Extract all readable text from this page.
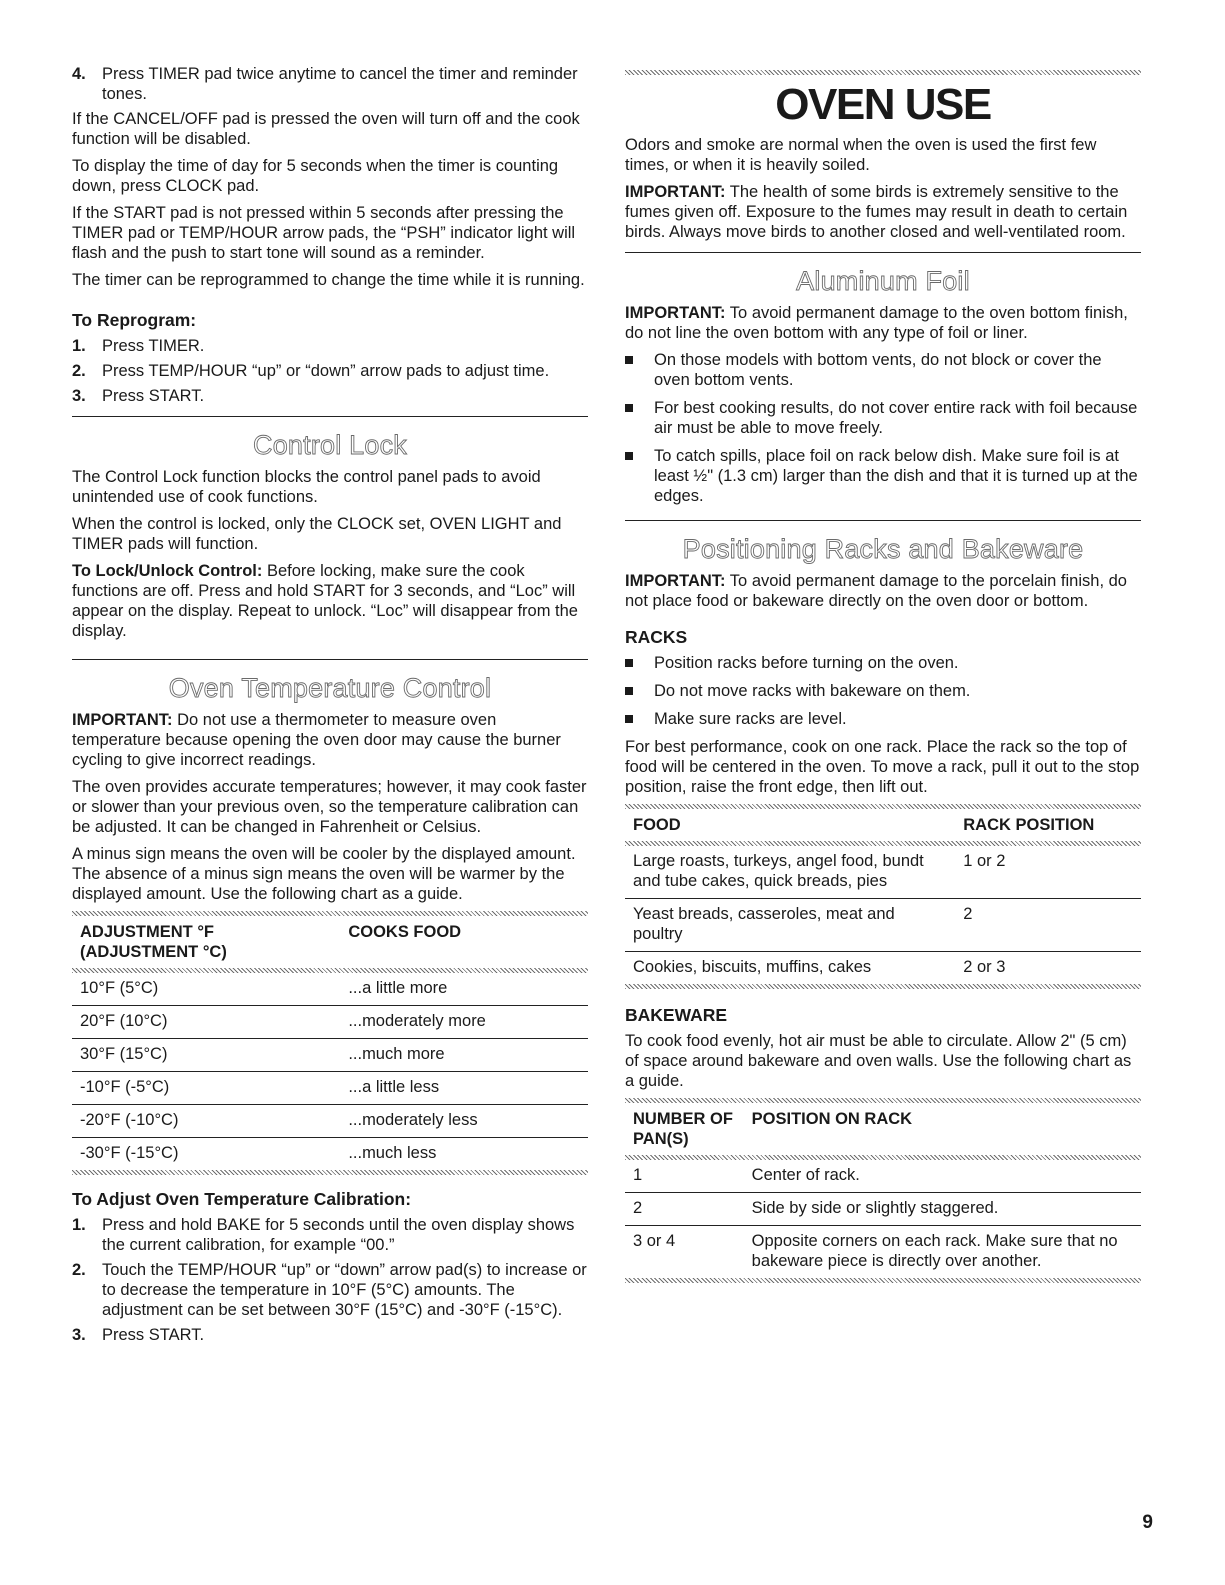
4. Press TIMER pad twice anytime to cancel the timer and reminder tones.

If the CANCEL/OFF pad is pressed the oven will turn off and the cook function will be disabled.

To display the time of day for 5 seconds when the timer is counting down, press CLOCK pad.

If the START pad is not pressed within 5 seconds after pressing the TIMER pad or TEMP/HOUR arrow pads, the “PSH” indicator light will flash and the push to start tone will sound as a reminder.

The timer can be reprogrammed to change the time while it is running.

To Reprogram:
1. Press TIMER.
2. Press TEMP/HOUR “up” or “down” arrow pads to adjust time.
3. Press START.
Control Lock

The Control Lock function blocks the control panel pads to avoid unintended use of cook functions.

When the control is locked, only the CLOCK set, OVEN LIGHT and TIMER pads will function.

To Lock/Unlock Control: Before locking, make sure the cook functions are off. Press and hold START for 3 seconds, and “Loc” will appear on the display. Repeat to unlock. “Loc” will disappear from the display.

Oven Temperature Control

IMPORTANT: Do not use a thermometer to measure oven temperature because opening the oven door may cause the burner cycling to give incorrect readings.

The oven provides accurate temperatures; however, it may cook faster or slower than your previous oven, so the temperature calibration can be adjusted. It can be changed in Fahrenheit or Celsius.

A minus sign means the oven will be cooler by the displayed amount. The absence of a minus sign means the oven will be warmer by the displayed amount. Use the following chart as a guide.

ADJUSTMENT °F (ADJUSTMENT °C)	COOKS FOOD

10°F (5°C)	...a little more
20°F (10°C)	...moderately more
30°F (15°C)	...much more
-10°F (-5°C)	...a little less
-20°F (-10°C)	...moderately less
-30°F (-15°C)	...much less
To Adjust Oven Temperature Calibration:
1. Press and hold BAKE for 5 seconds until the oven display shows the current calibration, for example “00.”
2. Touch the TEMP/HOUR “up” or “down” arrow pad(s) to increase or to decrease the temperature in 10°F (5°C) amounts. The adjustment can be set between 30°F (15°C) and -30°F (-15°C).
3. Press START.
OVEN USE

Odors and smoke are normal when the oven is used the first few times, or when it is heavily soiled.

IMPORTANT: The health of some birds is extremely sensitive to the fumes given off. Exposure to the fumes may result in death to certain birds. Always move birds to another closed and well-ventilated room.

Aluminum Foil

IMPORTANT: To avoid permanent damage to the oven bottom finish, do not line the oven bottom with any type of foil or liner.

On those models with bottom vents, do not block or cover the oven bottom vents.
For best cooking results, do not cover entire rack with foil because air must be able to move freely.
To catch spills, place foil on rack below dish. Make sure foil is at least ½" (1.3 cm) larger than the dish and that it is turned up at the edges.
Positioning Racks and Bakeware

IMPORTANT: To avoid permanent damage to the porcelain finish, do not place food or bakeware directly on the oven door or bottom.

RACKS
Position racks before turning on the oven.
Do not move racks with bakeware on them.
Make sure racks are level.

For best performance, cook on one rack. Place the rack so the top of food will be centered in the oven. To move a rack, pull it out to the stop position, raise the front edge, then lift out.

FOOD	RACK POSITION

Large roasts, turkeys, angel food, bundt and tube cakes, quick breads, pies	1 or 2
Yeast breads, casseroles, meat and poultry	2
Cookies, biscuits, muffins, cakes	2 or 3
BAKEWARE

To cook food evenly, hot air must be able to circulate. Allow 2" (5 cm) of space around bakeware and oven walls. Use the following chart as a guide.

NUMBER OF PAN(S)	POSITION ON RACK

1	Center of rack.
2	Side by side or slightly staggered.
3 or 4	Opposite corners on each rack. Make sure that no bakeware piece is directly over another.
9
